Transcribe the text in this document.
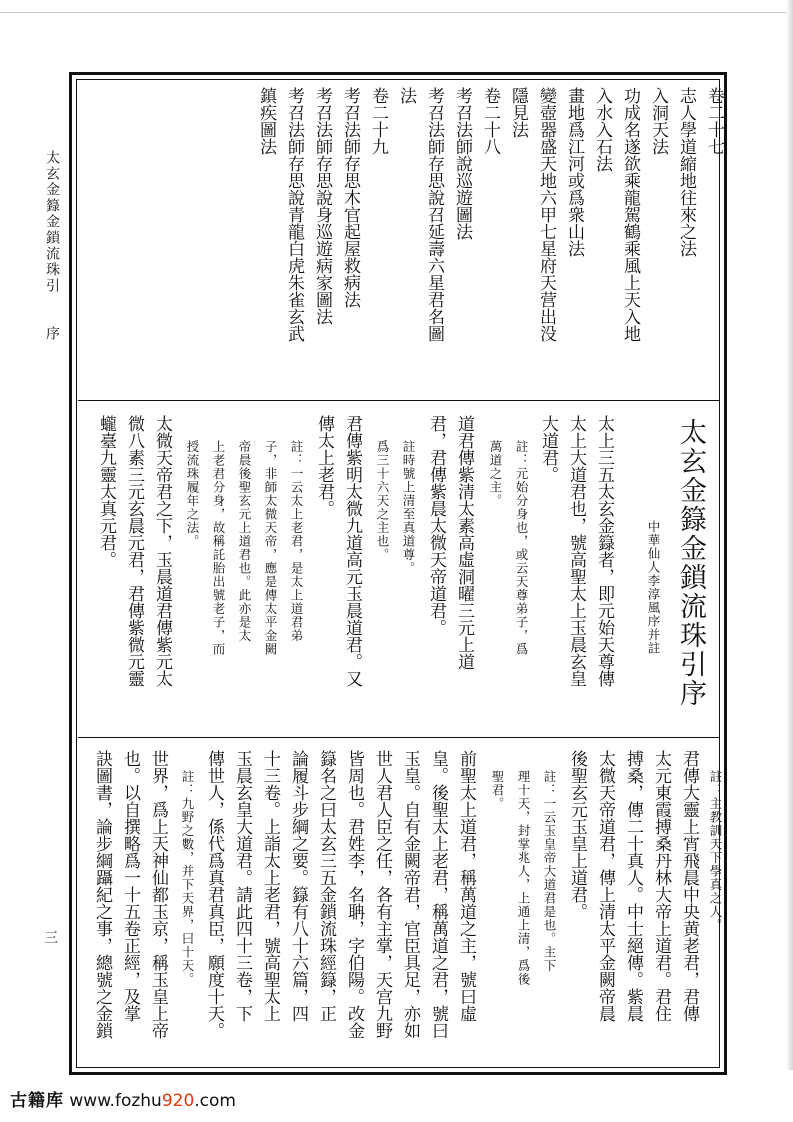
太玄金籙金鎖流珠引　　序
三
卷二十七
志人學道縮地往來之法
入洞天法
功成名遂欲乘龍駕鶴乘風上天入地
入水入石法
畫地爲江河或爲衆山法
變壺器盛天地六甲七星府天营出没
隱見法
卷二十八
考召法師說巡遊圖法
考召法師存思說召延壽六星君名圖
法
卷二十九
考召法師存思木官起屋救病法
考召法師存思說身巡遊病家圖法
考召法師存思說青龍白虎朱雀玄武
鎮疾圖法
太玄金籙金鎖流珠引序
中華仙人李淳風序并註
太上三五太玄金籙者，即元始天尊傳
太上大道君也，號高聖太上玉晨玄皇
大道君。
註：元始分身也，或云天尊弟子，爲
萬道之主。
道君傳紫清太素高虛洞曜三元上道
君，君傳紫晨太微天帝道君。
註時號上清至真道尊。
爲三十六天之主也。
君傳紫明太微九道高元玉晨道君。又
傳太上老君。
註：一云太上老君，是太上道君弟
子，非師太微天帝，應是傳太平金闕
帝晨後聖玄元上道君也。此亦是太
上老君分身，故稱託胎出號老子，而
授流珠履年之法。
太微天帝君之下，玉晨道君傳紫元太
微八素三元玄晨元君，君傳紫微元靈
蠬臺九靈太真元君。
註：主教訓天下學真之人。
君傳大靈上宵飛晨中央黄老君，君傳
太元東霞搏桑丹林大帝上道君。君住
搏桑，傳二十真人。中士絕傳。紫晨
太微天帝道君，傳上清太平金闕帝晨
後聖玄元玉皇上道君。
註：一云玉皇帝大道君是也。主下
理十天，封掌兆人，上通上清，爲後
聖君。
前聖太上道君，稱萬道之主，號曰虛
皇。後聖太上老君，稱萬道之君，號曰
玉皇。自有金闕帝君，官臣具足，亦如
世人君人臣之任，各有主掌，天宫九野
皆周也。君姓李，名聃，字伯陽。改金
籙名之曰太玄三五金鎖流珠經籙，正
論履斗步綱之要。籙有八十六篇，四
十三卷。上詣太上老君，號高聖太上
玉晨玄皇大道君。請此四十三卷，下
傳世人，係代爲真君真臣，願度十天。
註：九野之數，并下天界，曰十天。
世界，爲上天神仙都玉京，稱玉皇上帝
也。以自撰略爲一十五卷正經，及掌
訣圖書，論步綱躡紀之事，總號之金鎖
古籍库 www.fozhu920.com
